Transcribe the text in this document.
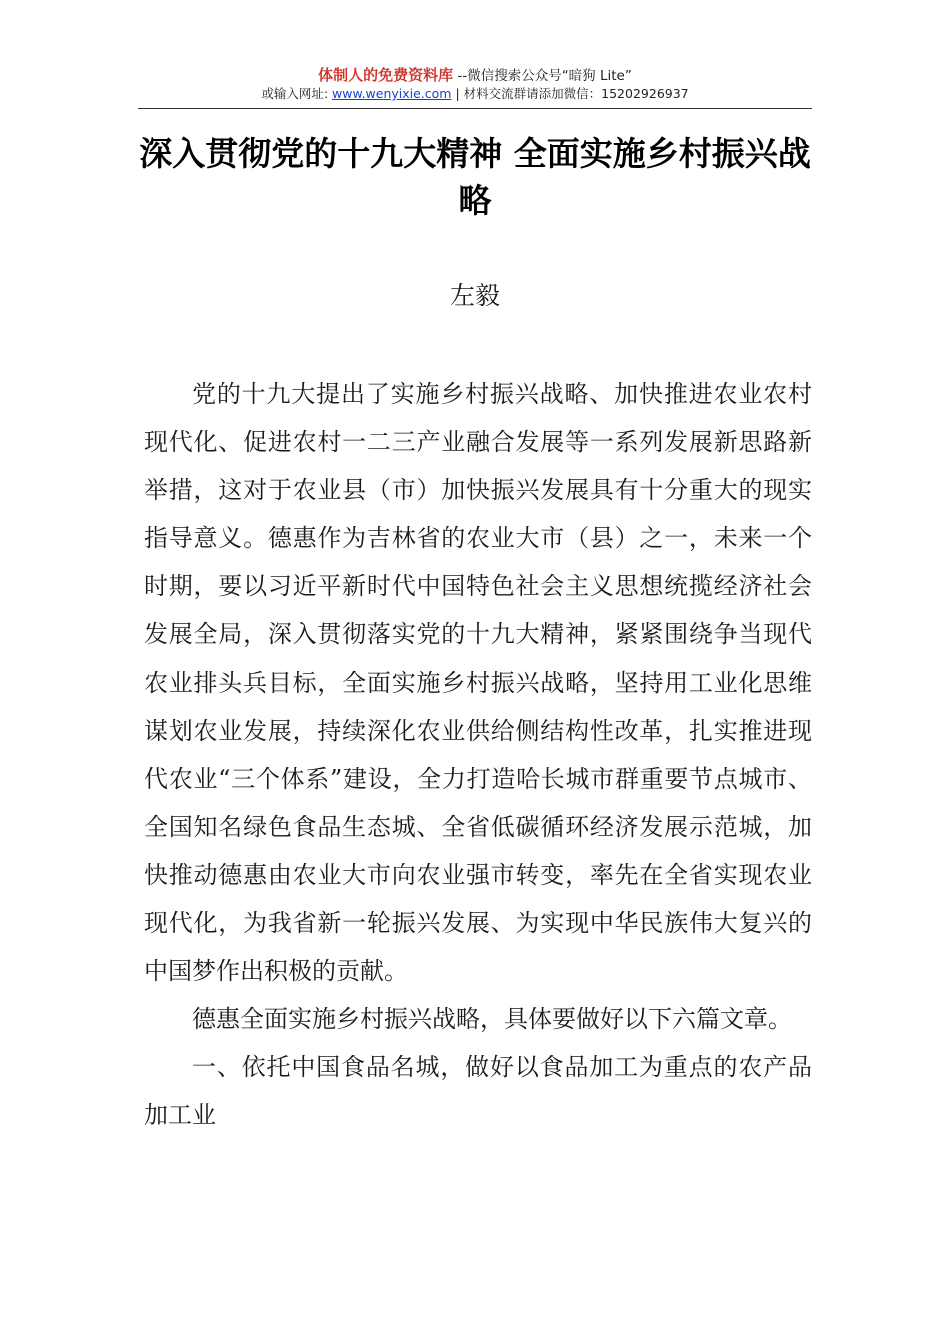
体制人的免费资料库 --微信搜索公众号“暗狗 Lite”
或输入网址: www.wenyixie.com | 材料交流群请添加微信：15202926937
深入贯彻党的十九大精神 全面实施乡村振兴战略
左毅

党的十九大提出了实施乡村振兴战略、加快推进农业农村现代化、促进农村一二三产业融合发展等一系列发展新思路新举措，这对于农业县（市）加快振兴发展具有十分重大的现实指导意义。德惠作为吉林省的农业大市（县）之一，未来一个时期，要以习近平新时代中国特色社会主义思想统揽经济社会发展全局，深入贯彻落实党的十九大精神，紧紧围绕争当现代农业排头兵目标，全面实施乡村振兴战略，坚持用工业化思维谋划农业发展，持续深化农业供给侧结构性改革，扎实推进现代农业“三个体系”建设，全力打造哈长城市群重要节点城市、全国知名绿色食品生态城、全省低碳循环经济发展示范城，加快推动德惠由农业大市向农业强市转变，率先在全省实现农业现代化，为我省新一轮振兴发展、为实现中华民族伟大复兴的中国梦作出积极的贡献。

德惠全面实施乡村振兴战略，具体要做好以下六篇文章。

一、依托中国食品名城，做好以食品加工为重点的农产品加工业
